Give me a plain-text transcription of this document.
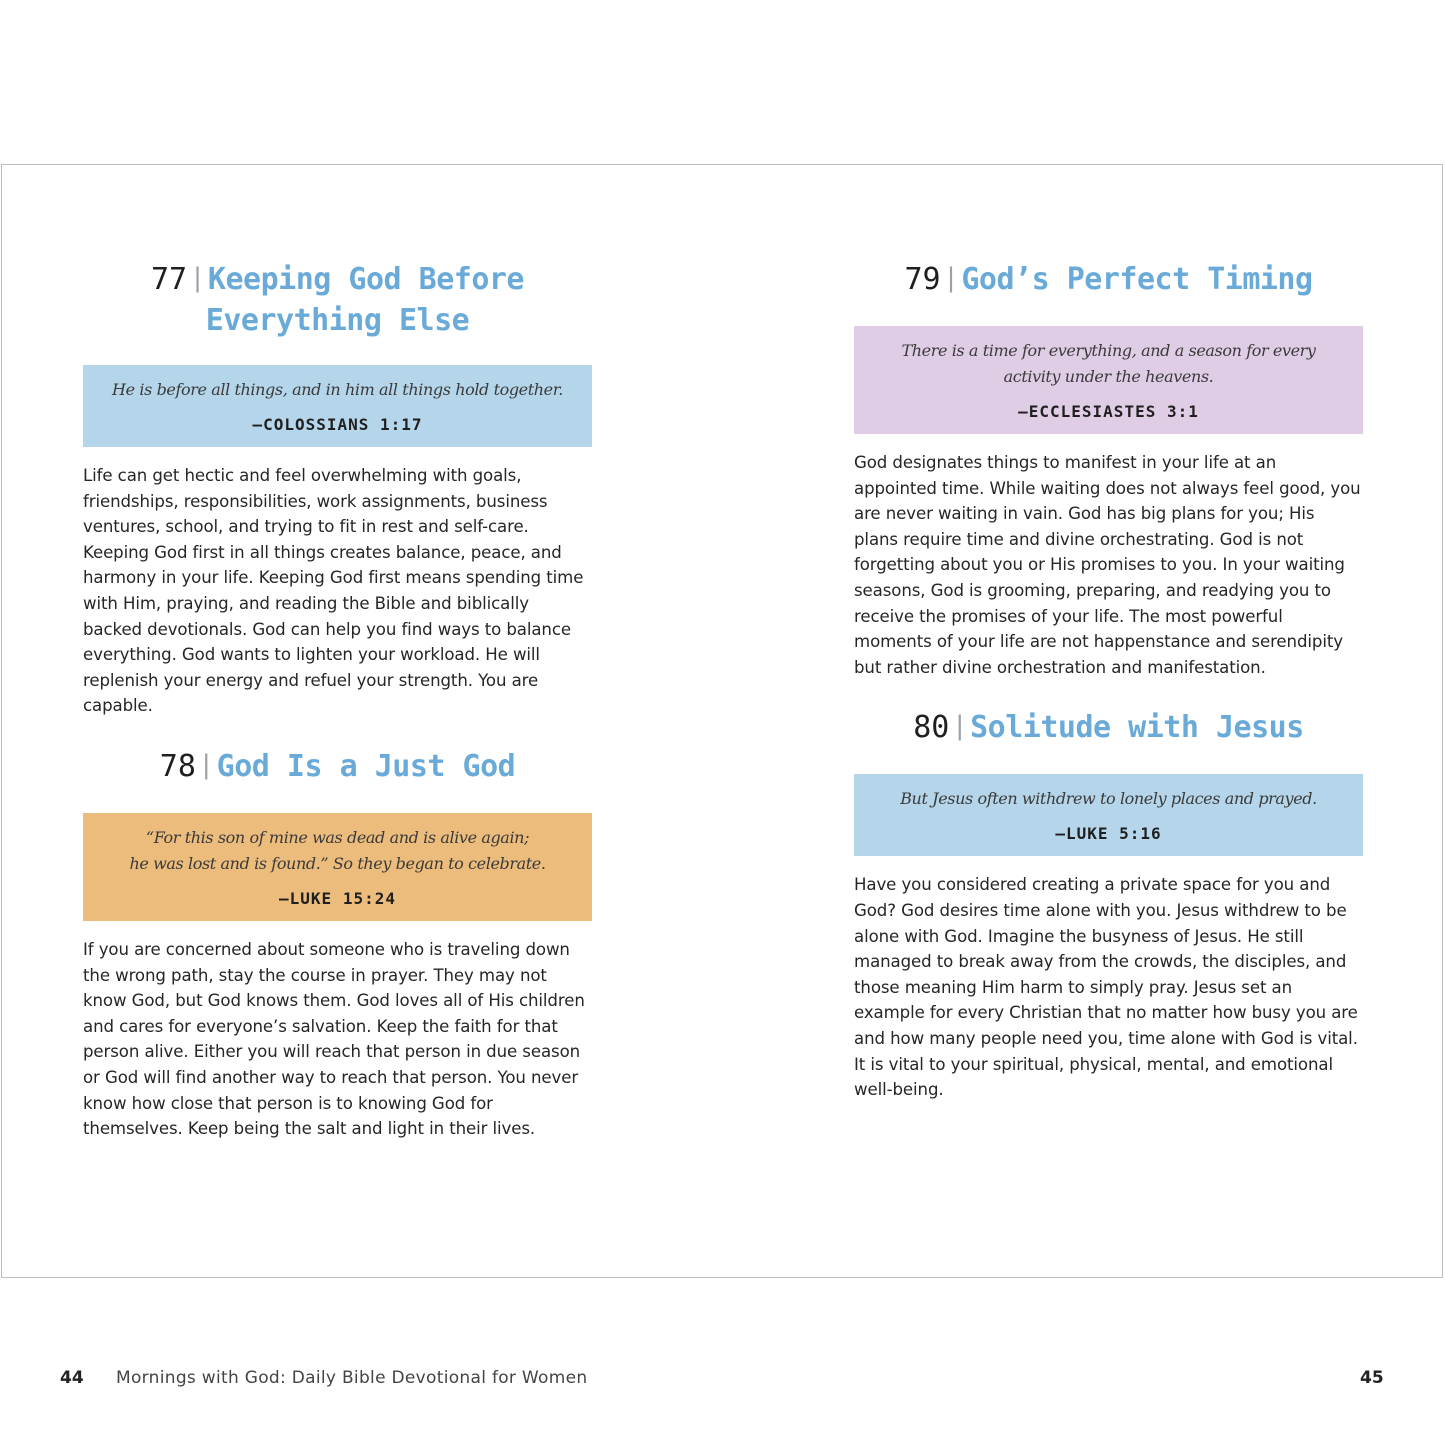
77 | Keeping God Before
Everything Else

He is before all things, and in him all things hold together.

—COLOSSIANS 1:17

Life can get hectic and feel overwhelming with goals, friendships, responsibilities, work assignments, business ventures, school, and trying to fit in rest and self-care. Keeping God first in all things creates balance, peace, and harmony in your life. Keeping God first means spending time with Him, praying, and reading the Bible and biblically backed devotionals. God can help you find ways to balance everything. God wants to lighten your workload. He will replenish your energy and refuel your strength. You are capable.

78 | God Is a Just God

“For this son of mine was dead and is alive again;
he was lost and is found.” So they began to celebrate.

—LUKE 15:24

If you are concerned about someone who is traveling down the wrong path, stay the course in prayer. They may not know God, but God knows them. God loves all of His children and cares for everyone’s salvation. Keep the faith for that person alive. Either you will reach that person in due season or God will find another way to reach that person. You never know how close that person is to knowing God for themselves. Keep being the salt and light in their lives.

79 | God’s Perfect Timing

There is a time for everything, and a season for every
activity under the heavens.

—ECCLESIASTES 3:1

God designates things to manifest in your life at an appointed time. While waiting does not always feel good, you are never waiting in vain. God has big plans for you; His plans require time and divine orchestrating. God is not forgetting about you or His promises to you. In your waiting seasons, God is grooming, preparing, and readying you to receive the promises of your life. The most powerful moments of your life are not happenstance and serendipity but rather divine orchestration and manifestation.

80 | Solitude with Jesus

But Jesus often withdrew to lonely places and prayed.

—LUKE 5:16

Have you considered creating a private space for you and God? God desires time alone with you. Jesus withdrew to be alone with God. Imagine the busyness of Jesus. He still managed to break away from the crowds, the disciples, and those meaning Him harm to simply pray. Jesus set an example for every Christian that no matter how busy you are and how many people need you, time alone with God is vital. It is vital to your spiritual, physical, mental, and emotional well-being.

44 Mornings with God: Daily Bible Devotional for Women	45
